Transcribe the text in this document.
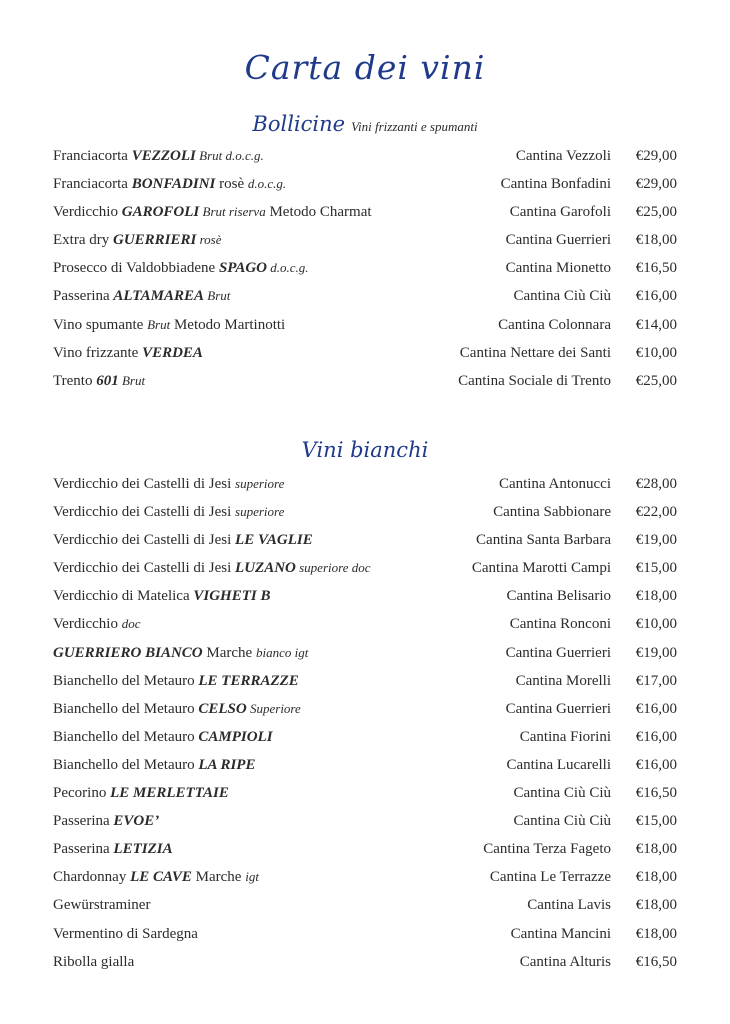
Carta dei vini
Bollicine Vini frizzanti e spumanti
Franciacorta VEZZOLI Brut d.o.c.g.	Cantina Vezzoli €29,00
Franciacorta BONFADINI rosè d.o.c.g.	Cantina Bonfadini €29,00
Verdicchio GAROFOLI Brut riserva Metodo Charmat	Cantina Garofoli €25,00
Extra dry GUERRIERI rosè	Cantina Guerrieri €18,00
Prosecco di Valdobbiadene SPAGO d.o.c.g.	Cantina Mionetto €16,50
Passerina ALTAMAREA Brut	Cantina Ciù Ciù €16,00
Vino spumante Brut Metodo Martinotti	Cantina Colonnara €14,00
Vino frizzante VERDEA	Cantina Nettare dei Santi €10,00
Trento 601 Brut	Cantina Sociale di Trento €25,00
Vini bianchi
Verdicchio dei Castelli di Jesi superiore	Cantina Antonucci €28,00
Verdicchio dei Castelli di Jesi superiore	Cantina Sabbionare €22,00
Verdicchio dei Castelli di Jesi LE VAGLIE	Cantina Santa Barbara €19,00
Verdicchio dei Castelli di Jesi LUZANO superiore doc	Cantina Marotti Campi €15,00
Verdicchio di Matelica VIGHETI B	Cantina Belisario €18,00
Verdicchio doc	Cantina Ronconi €10,00
GUERRIERO BIANCO Marche bianco igt	Cantina Guerrieri €19,00
Bianchello del Metauro LE TERRAZZE	Cantina Morelli €17,00
Bianchello del Metauro CELSO Superiore	Cantina Guerrieri €16,00
Bianchello del Metauro CAMPIOLI	Cantina Fiorini €16,00
Bianchello del Metauro LA RIPE	Cantina Lucarelli €16,00
Pecorino LE MERLETTAIE	Cantina Ciù Ciù €16,50
Passerina EVOE’	Cantina Ciù Ciù €15,00
Passerina LETIZIA	Cantina Terza Fageto €18,00
Chardonnay LE CAVE Marche igt	Cantina Le Terrazze €18,00
Gewürstraminer	Cantina Lavis €18,00
Vermentino di Sardegna	Cantina Mancini €18,00
Ribolla gialla	Cantina Alturis €16,50
